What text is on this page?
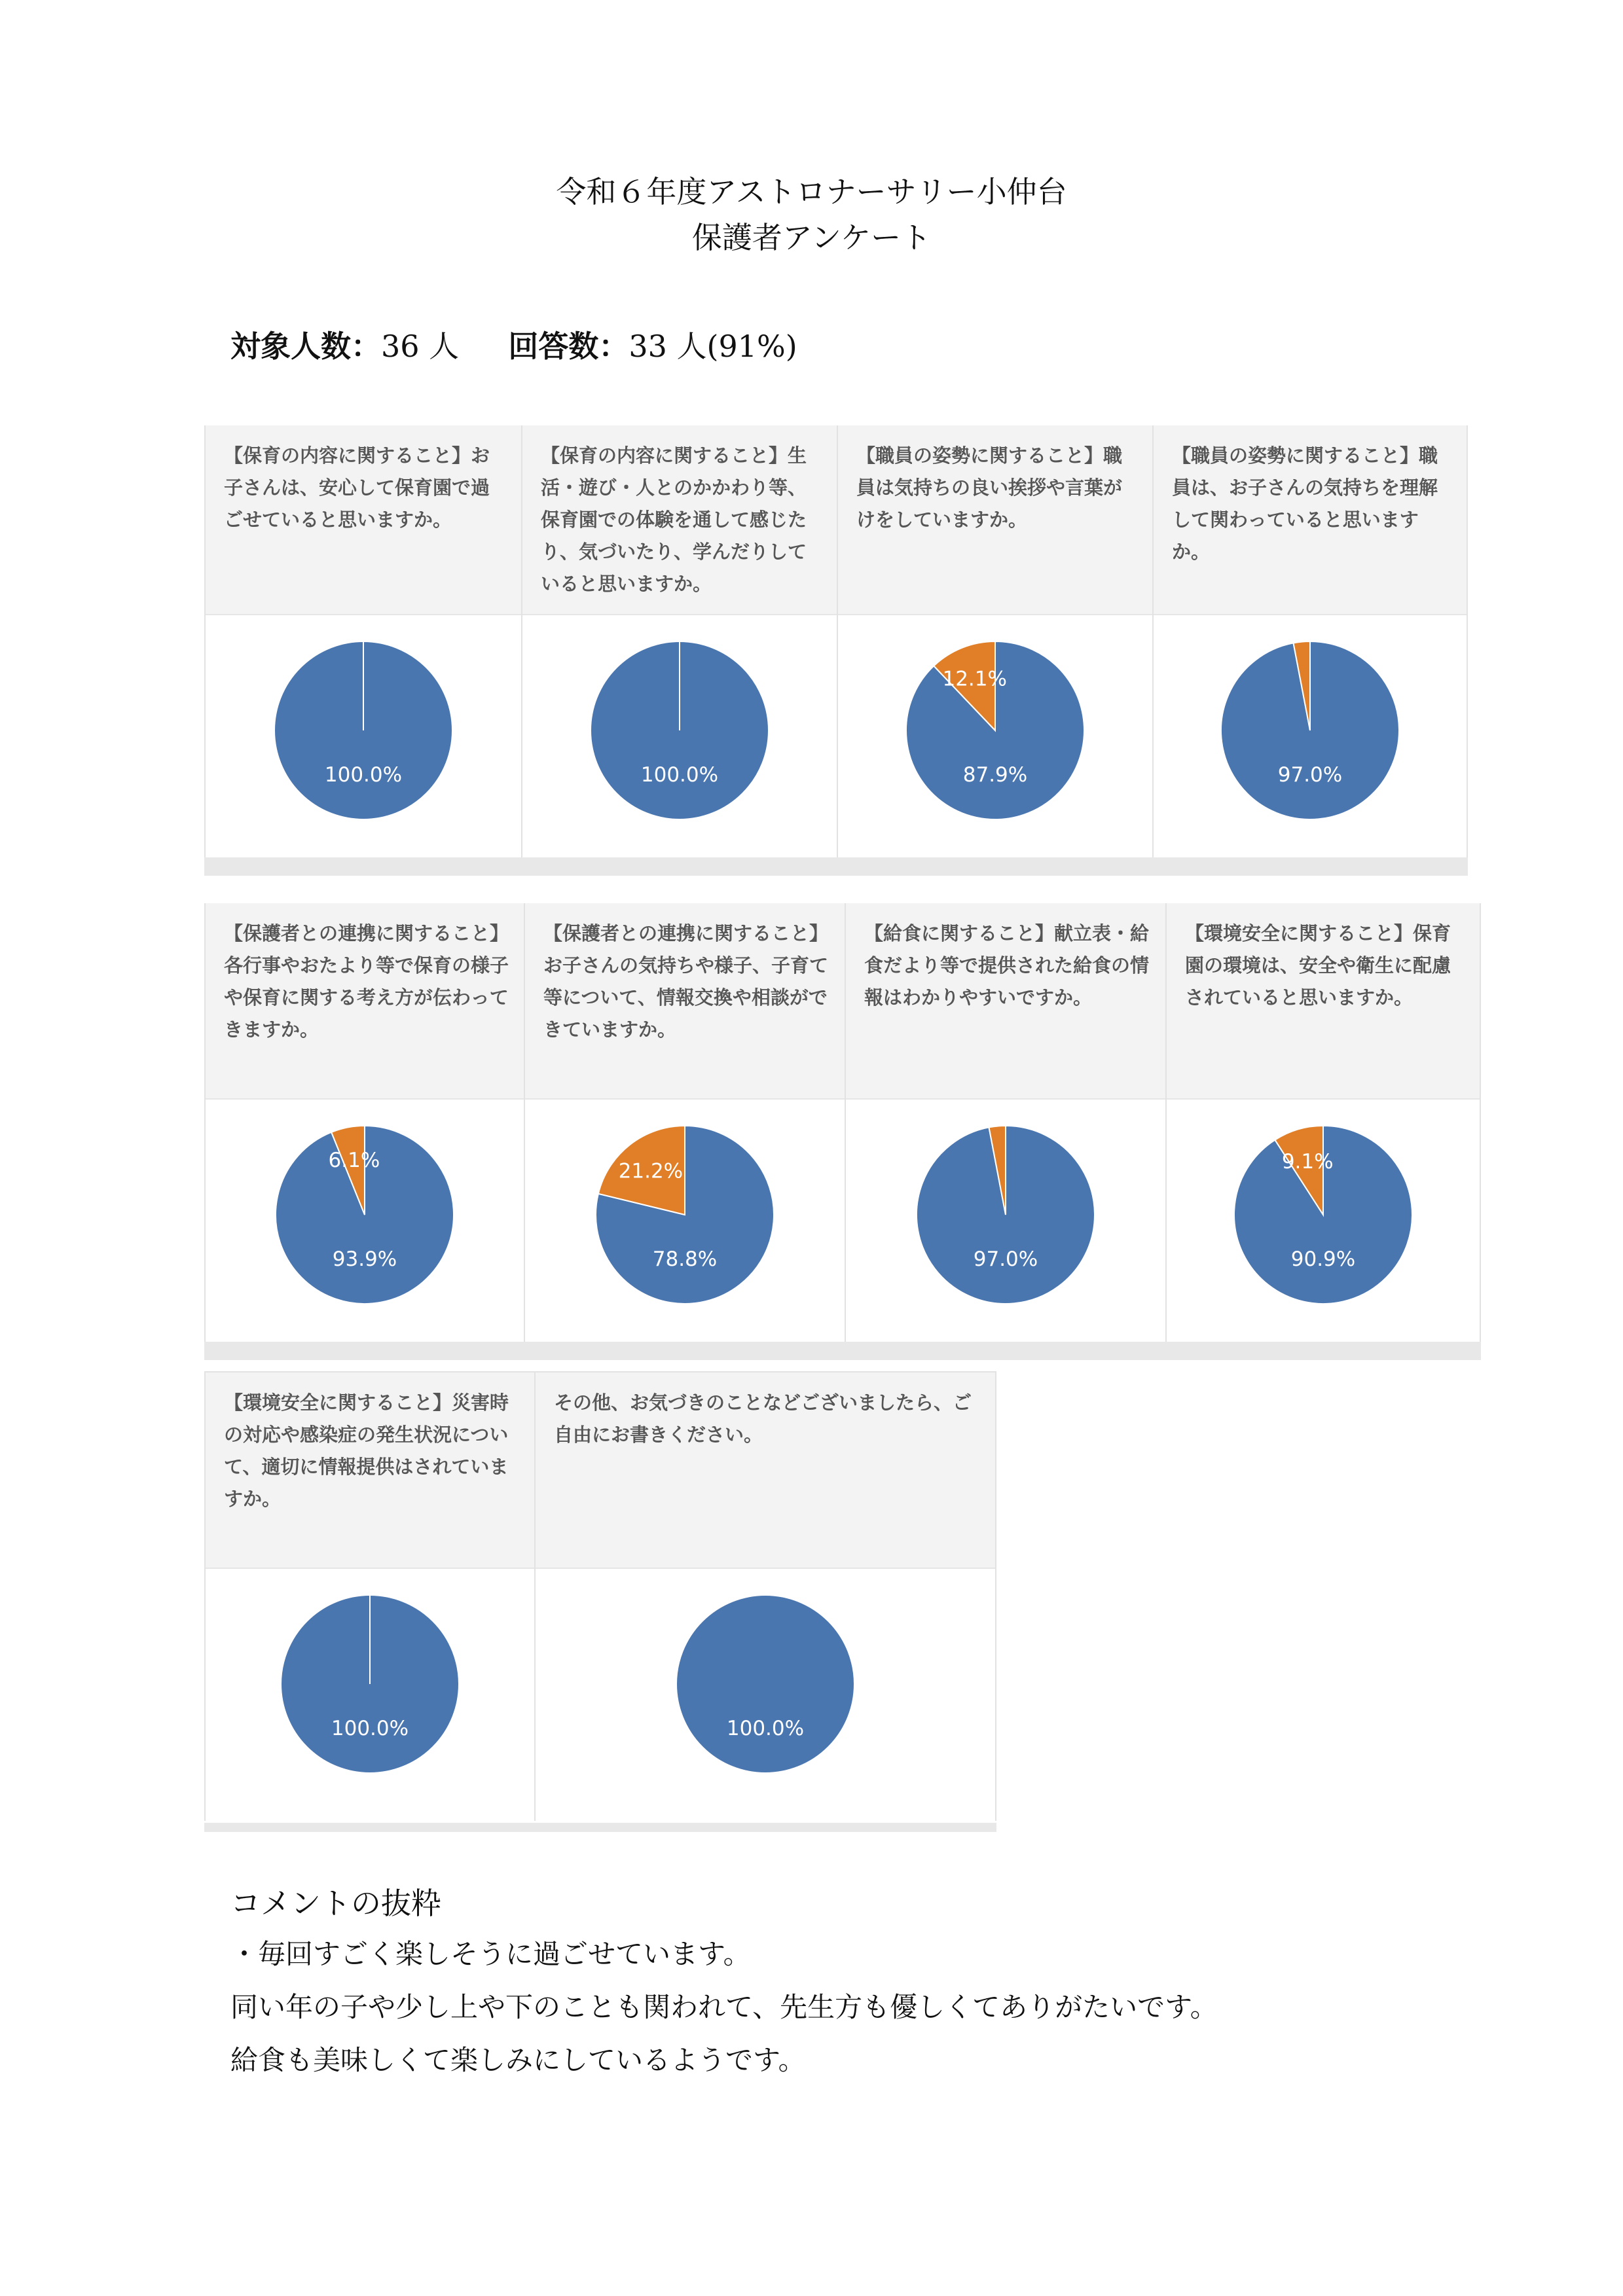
令和６年度アストロナーサリー小仲台
保護者アンケート
対象人数：36 人 回答数：33 人(91%)
【保育の内容に関すること】お子さんは、安心して保育園で過ごせていると思いますか。
100.0%
【保育の内容に関すること】生活・遊び・人とのかかわり等、保育園での体験を通して感じたり、気づいたり、学んだりしていると思いますか。
100.0%
【職員の姿勢に関すること】職員は気持ちの良い挨拶や言葉がけをしていますか。
87.9%
12.1%
【職員の姿勢に関すること】職員は、お子さんの気持ちを理解して関わっていると思いますか。
97.0%
【保護者との連携に関すること】各行事やおたより等で保育の様子や保育に関する考え方が伝わってきますか。
93.9%
6.1%
【保護者との連携に関すること】お子さんの気持ちや様子、子育て等について、情報交換や相談ができていますか。
78.8%
21.2%
【給食に関すること】献立表・給食だより等で提供された給食の情報はわかりやすいですか。
97.0%
【環境安全に関すること】保育園の環境は、安全や衛生に配慮されていると思いますか。
90.9%
9.1%
【環境安全に関すること】災害時の対応や感染症の発生状況について、適切に情報提供はされていますか。
100.0%
その他、お気づきのことなどございましたら、ご自由にお書きください。
100.0%
コメントの抜粋
・毎回すごく楽しそうに過ごせています。
同い年の子や少し上や下のことも関われて、先生方も優しくてありがたいです。
給食も美味しくて楽しみにしているようです。
